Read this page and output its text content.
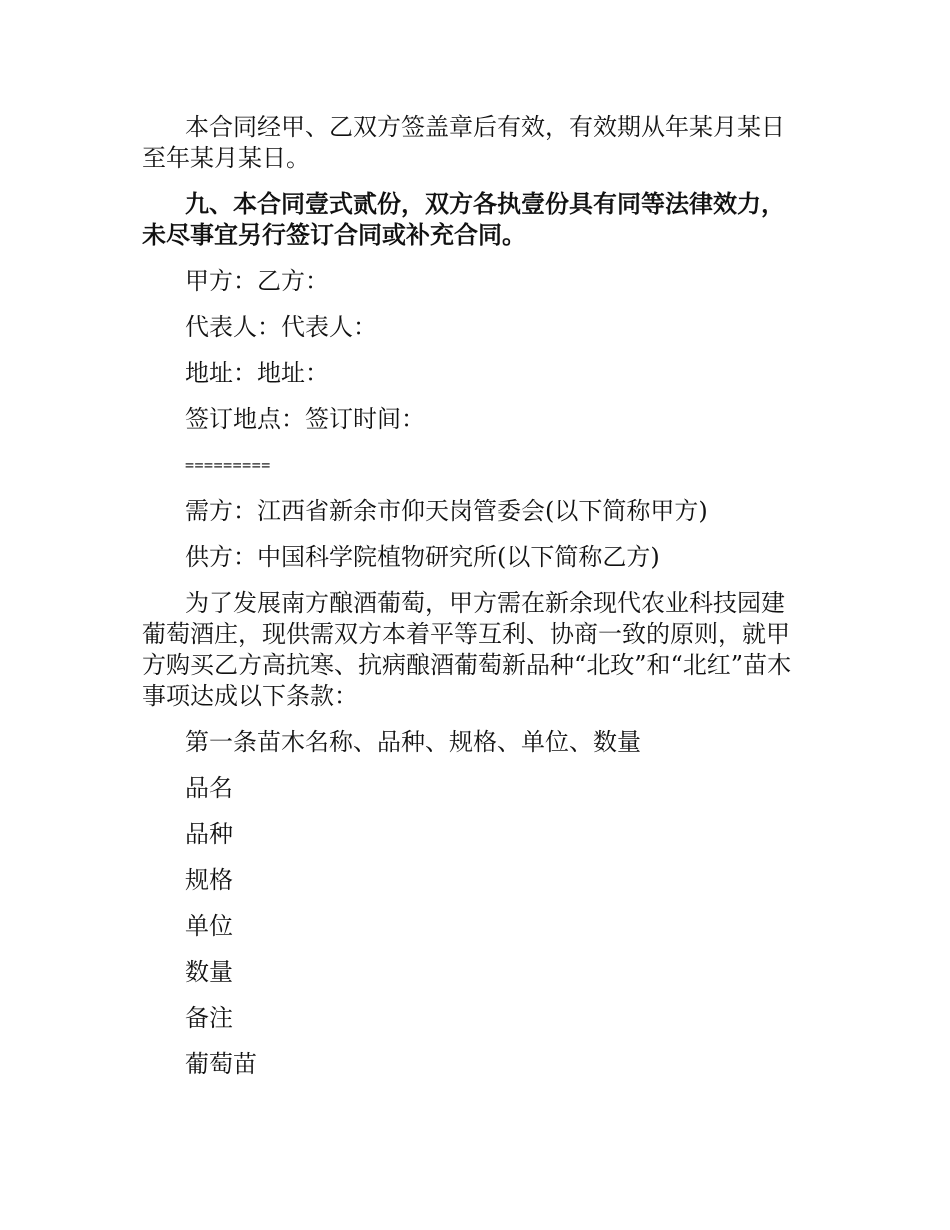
本合同经甲、乙双方签盖章后有效，有效期从年某月某日至年某月某日。

九、本合同壹式贰份，双方各执壹份具有同等法律效力，未尽事宜另行签订合同或补充合同。

甲方：乙方：

代表人：代表人：

地址：地址：

签订地点：签订时间：

=========

需方：江西省新余市仰天岗管委会(以下简称甲方)

供方：中国科学院植物研究所(以下简称乙方)

为了发展南方酿酒葡萄，甲方需在新余现代农业科技园建葡萄酒庄，现供需双方本着平等互利、协商一致的原则，就甲方购买乙方高抗寒、抗病酿酒葡萄新品种“北玫”和“北红”苗木事项达成以下条款：

第一条苗木名称、品种、规格、单位、数量

品名

品种

规格

单位

数量

备注

葡萄苗
